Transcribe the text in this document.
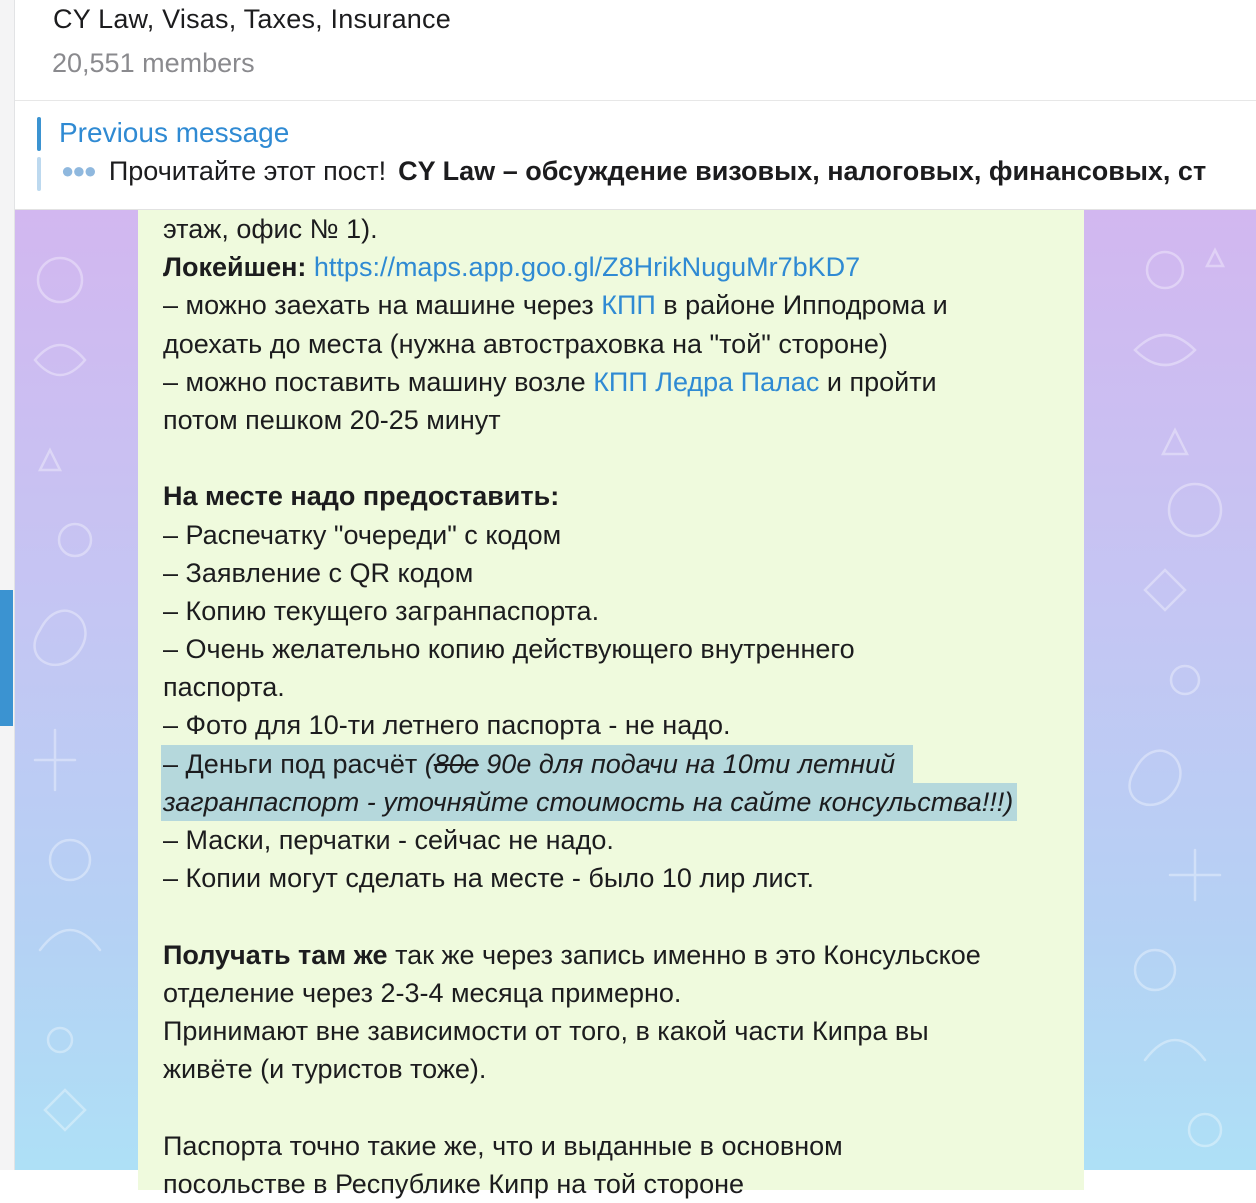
CY Law, Visas, Taxes, Insurance
20,551 members
Previous message
●●● Прочитайте этот пост! CY Law – обсуждение визовых, налоговых, финансовых, ст
этаж, офис № 1).
Локейшен: https://maps.app.goo.gl/Z8HrikNuguMr7bKD7
– можно заехать на машине через КПП в районе Ипподрома и
доехать до места (нужна автостраховка на "той" стороне)
– можно поставить машину возле КПП Ледра Палас и пройти
потом пешком 20-25 минут
На месте надо предоставить:
– Распечатку "очереди" с кодом
– Заявление с QR кодом
– Копию текущего загранпаспорта.
– Очень желательно копию действующего внутреннего
паспорта.
– Фото для 10-ти летнего паспорта - не надо.
– Деньги под расчёт (80е 90е для подачи на 10ти летний
загранпаспорт - уточняйте стоимость на сайте консульства!!!)
– Маски, перчатки - сейчас не надо.
– Копии могут сделать на месте - было 10 лир лист.
Получать там же так же через запись именно в это Консульское
отделение через 2-3-4 месяца примерно.
Принимают вне зависимости от того, в какой части Кипра вы
живёте (и туристов тоже).
Паспорта точно такие же, что и выданные в основном
посольстве в Республике Кипр на той стороне
